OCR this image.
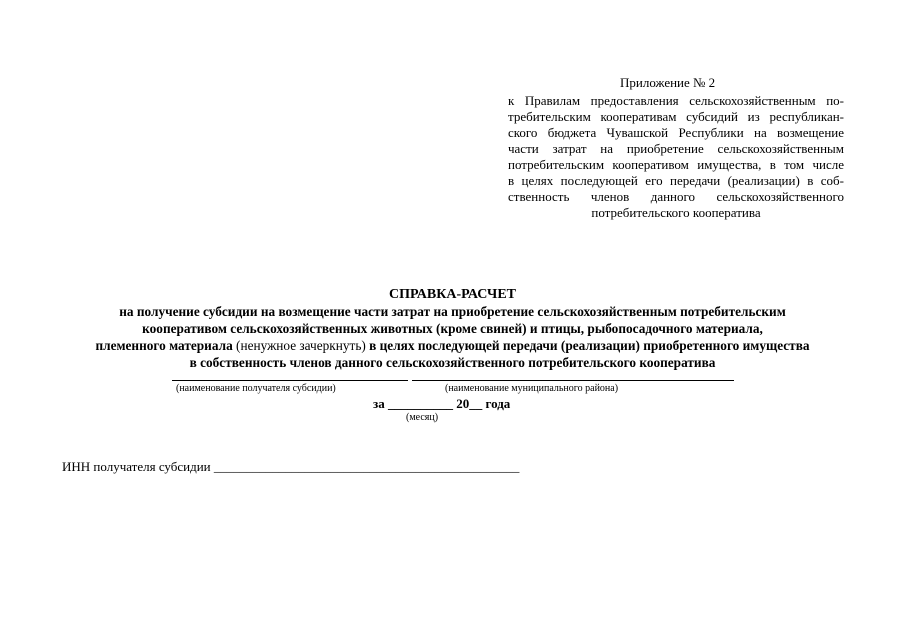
Приложение № 2
к Правилам предоставления сельскохозяйственным по-
требительским кооперативам субсидий из республикан-
ского бюджета Чувашской Республики на возмещение
части затрат на приобретение сельскохозяйственным
потребительским кооперативом имущества, в том числе
в целях последующей его передачи (реализации) в соб-
ственность членов данного сельскохозяйственного
потребительского кооператива
СПРАВКА-РАСЧЕТ
на получение субсидии на возмещение части затрат на приобретение сельскохозяйственным потребительским
кооперативом сельскохозяйственных животных (кроме свиней) и птицы, рыбопосадочного материала,
племенного материала (ненужное зачеркнуть) в целях последующей передачи (реализации) приобретенного имущества
в собственность членов данного сельскохозяйственного потребительского кооператива
(наименование получателя субсидии)	(наименование муниципального района)
за __________ 20__ года
(месяц)
ИНН получателя субсидии _______________________________________________
